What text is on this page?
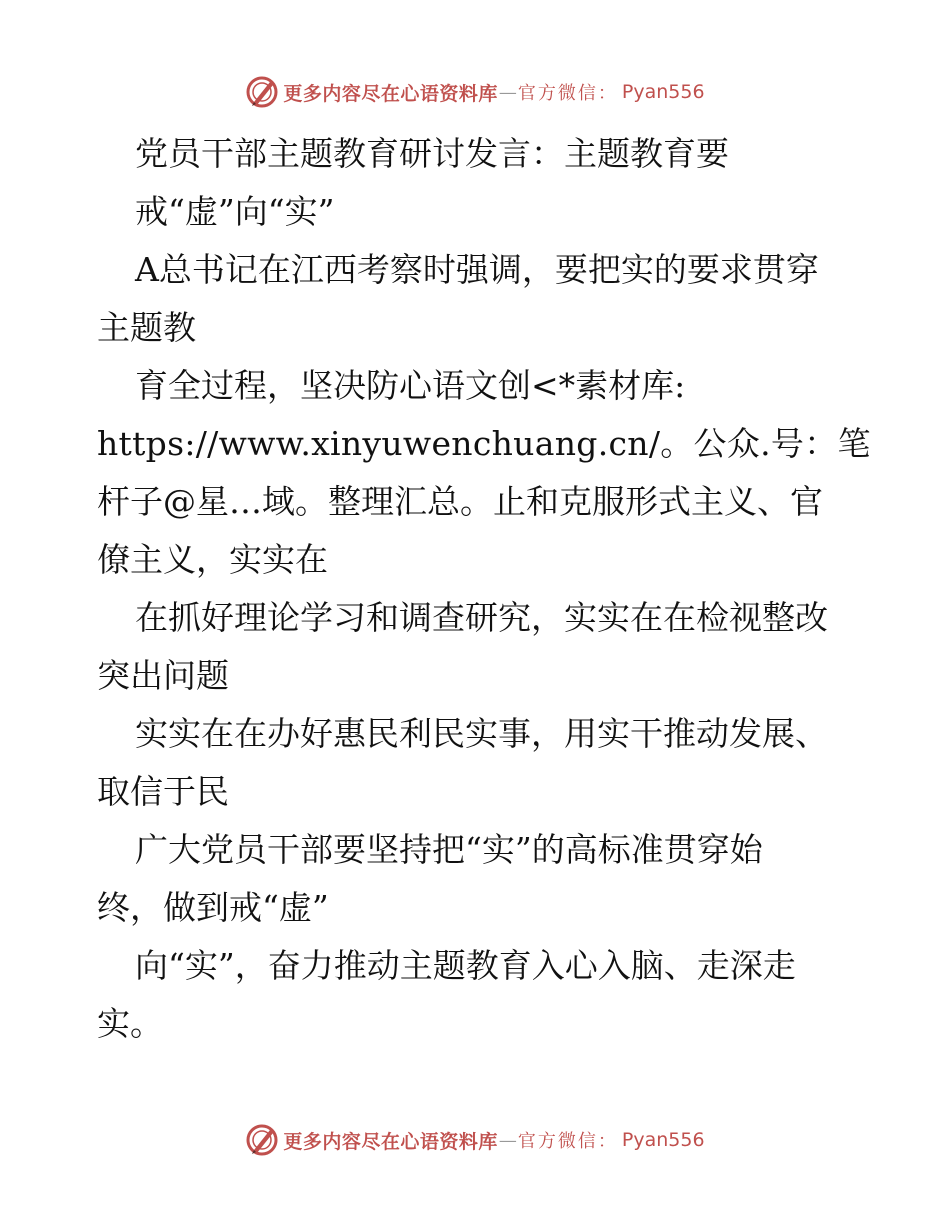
更多内容尽在心语资料库 — 官方微信： Pyan556

党员干部主题教育研讨发言：主题教育要
戒“虚”向“实”

A总书记在江西考察时强调，要把实的要求贯穿
主题教

育全过程，坚决防心语文创<*素材库:
https://www.xinyuwenchuang.cn/。公众.号：笔
杆子@星…域。整理汇总。止和克服形式主义、官
僚主义，实实在

在抓好理论学习和调查研究，实实在在检视整改
突出问题

实实在在办好惠民利民实事，用实干推动发展、
取信于民

广大党员干部要坚持把“实”的高标准贯穿始
终，做到戒“虚”

向“实”，奋力推动主题教育入心入脑、走深走
实。

更多内容尽在心语资料库 — 官方微信： Pyan556
